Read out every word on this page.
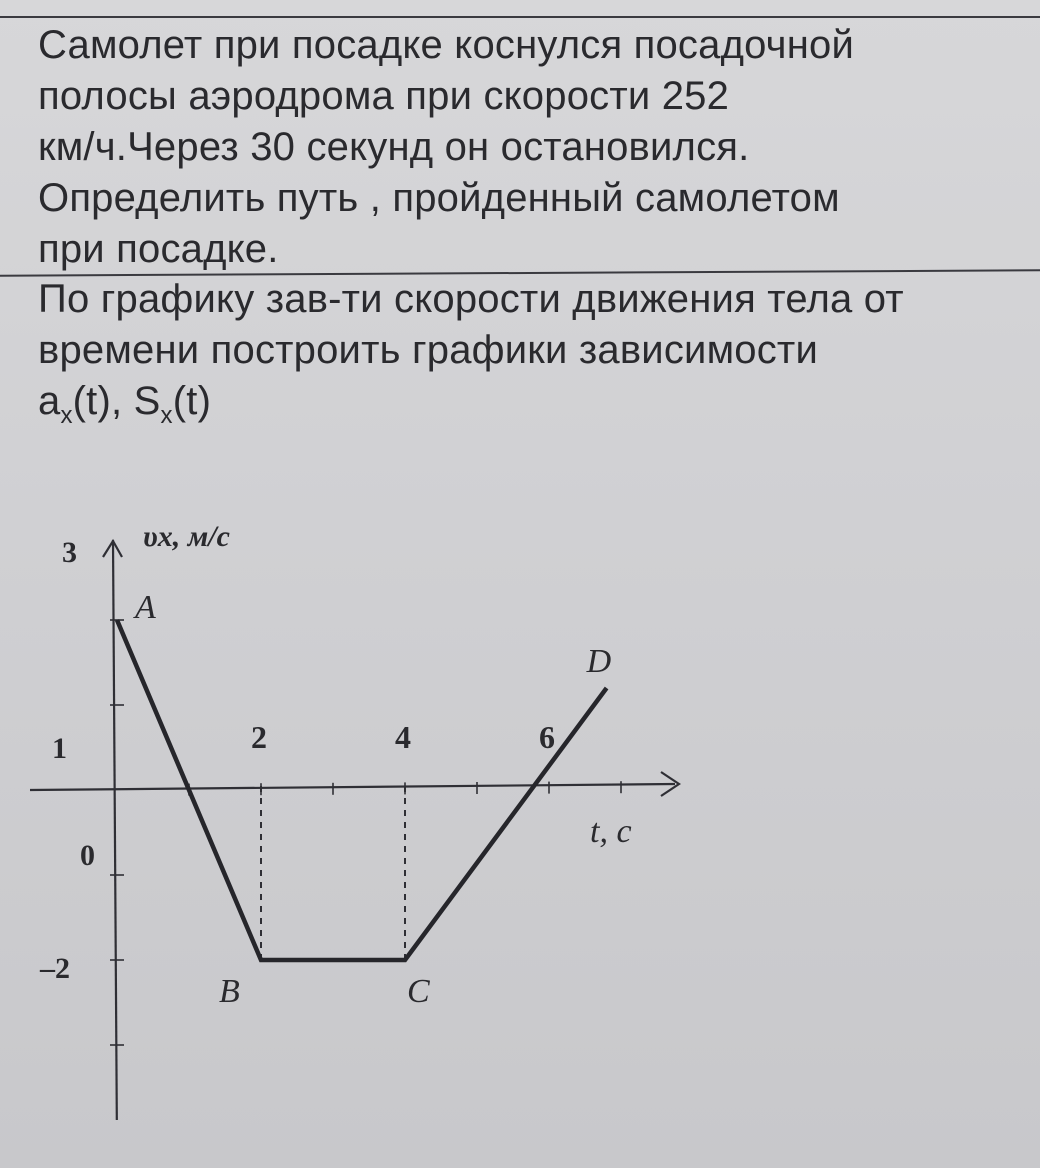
Самолет при посадке коснулся посадочной

полосы аэродрома при скорости 252

км/ч.Через 30 секунд он остановился.

Определить путь , пройденный самолетом

при посадке.

По графику зав-ти скорости движения тела от

времени построить графики зависимости

$a_x(t)$, $S_x(t)$

A
B	C
D
2	4	6
3
1
0
–2
υx, м/с
t, c
